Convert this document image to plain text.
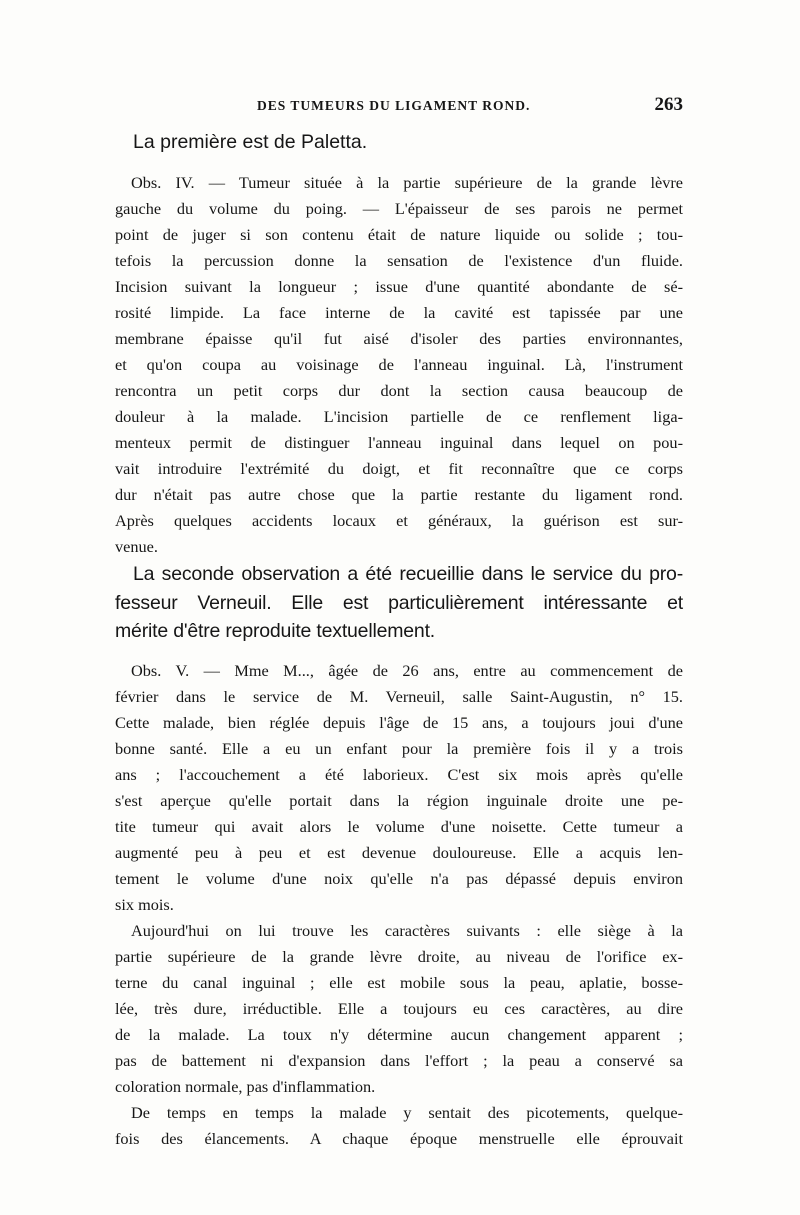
DES TUMEURS DU LIGAMENT ROND.	263
La première est de Paletta.
Obs. IV. — Tumeur située à la partie supérieure de la grande lèvre
gauche du volume du poing. — L'épaisseur de ses parois ne permet
point de juger si son contenu était de nature liquide ou solide ; tou-
tefois la percussion donne la sensation de l'existence d'un fluide.
Incision suivant la longueur ; issue d'une quantité abondante de sé-
rosité limpide. La face interne de la cavité est tapissée par une
membrane épaisse qu'il fut aisé d'isoler des parties environnantes,
et qu'on coupa au voisinage de l'anneau inguinal. Là, l'instrument
rencontra un petit corps dur dont la section causa beaucoup de
douleur à la malade. L'incision partielle de ce renflement liga-
menteux permit de distinguer l'anneau inguinal dans lequel on pou-
vait introduire l'extrémité du doigt, et fit reconnaître que ce corps
dur n'était pas autre chose que la partie restante du ligament rond.
Après quelques accidents locaux et généraux, la guérison est sur-
venue.
La seconde observation a été recueillie dans le service du pro-
fesseur Verneuil. Elle est particulièrement intéressante et
mérite d'être reproduite textuellement.
Obs. V. — Mme M..., âgée de 26 ans, entre au commencement de
février dans le service de M. Verneuil, salle Saint-Augustin, n° 15.
Cette malade, bien réglée depuis l'âge de 15 ans, a toujours joui d'une
bonne santé. Elle a eu un enfant pour la première fois il y a trois
ans ; l'accouchement a été laborieux. C'est six mois après qu'elle
s'est aperçue qu'elle portait dans la région inguinale droite une pe-
tite tumeur qui avait alors le volume d'une noisette. Cette tumeur a
augmenté peu à peu et est devenue douloureuse. Elle a acquis len-
tement le volume d'une noix qu'elle n'a pas dépassé depuis environ
six mois.
Aujourd'hui on lui trouve les caractères suivants : elle siège à la
partie supérieure de la grande lèvre droite, au niveau de l'orifice ex-
terne du canal inguinal ; elle est mobile sous la peau, aplatie, bosse-
lée, très dure, irréductible. Elle a toujours eu ces caractères, au dire
de la malade. La toux n'y détermine aucun changement apparent ;
pas de battement ni d'expansion dans l'effort ; la peau a conservé sa
coloration normale, pas d'inflammation.
De temps en temps la malade y sentait des picotements, quelque-
fois des élancements. A chaque époque menstruelle elle éprouvait
